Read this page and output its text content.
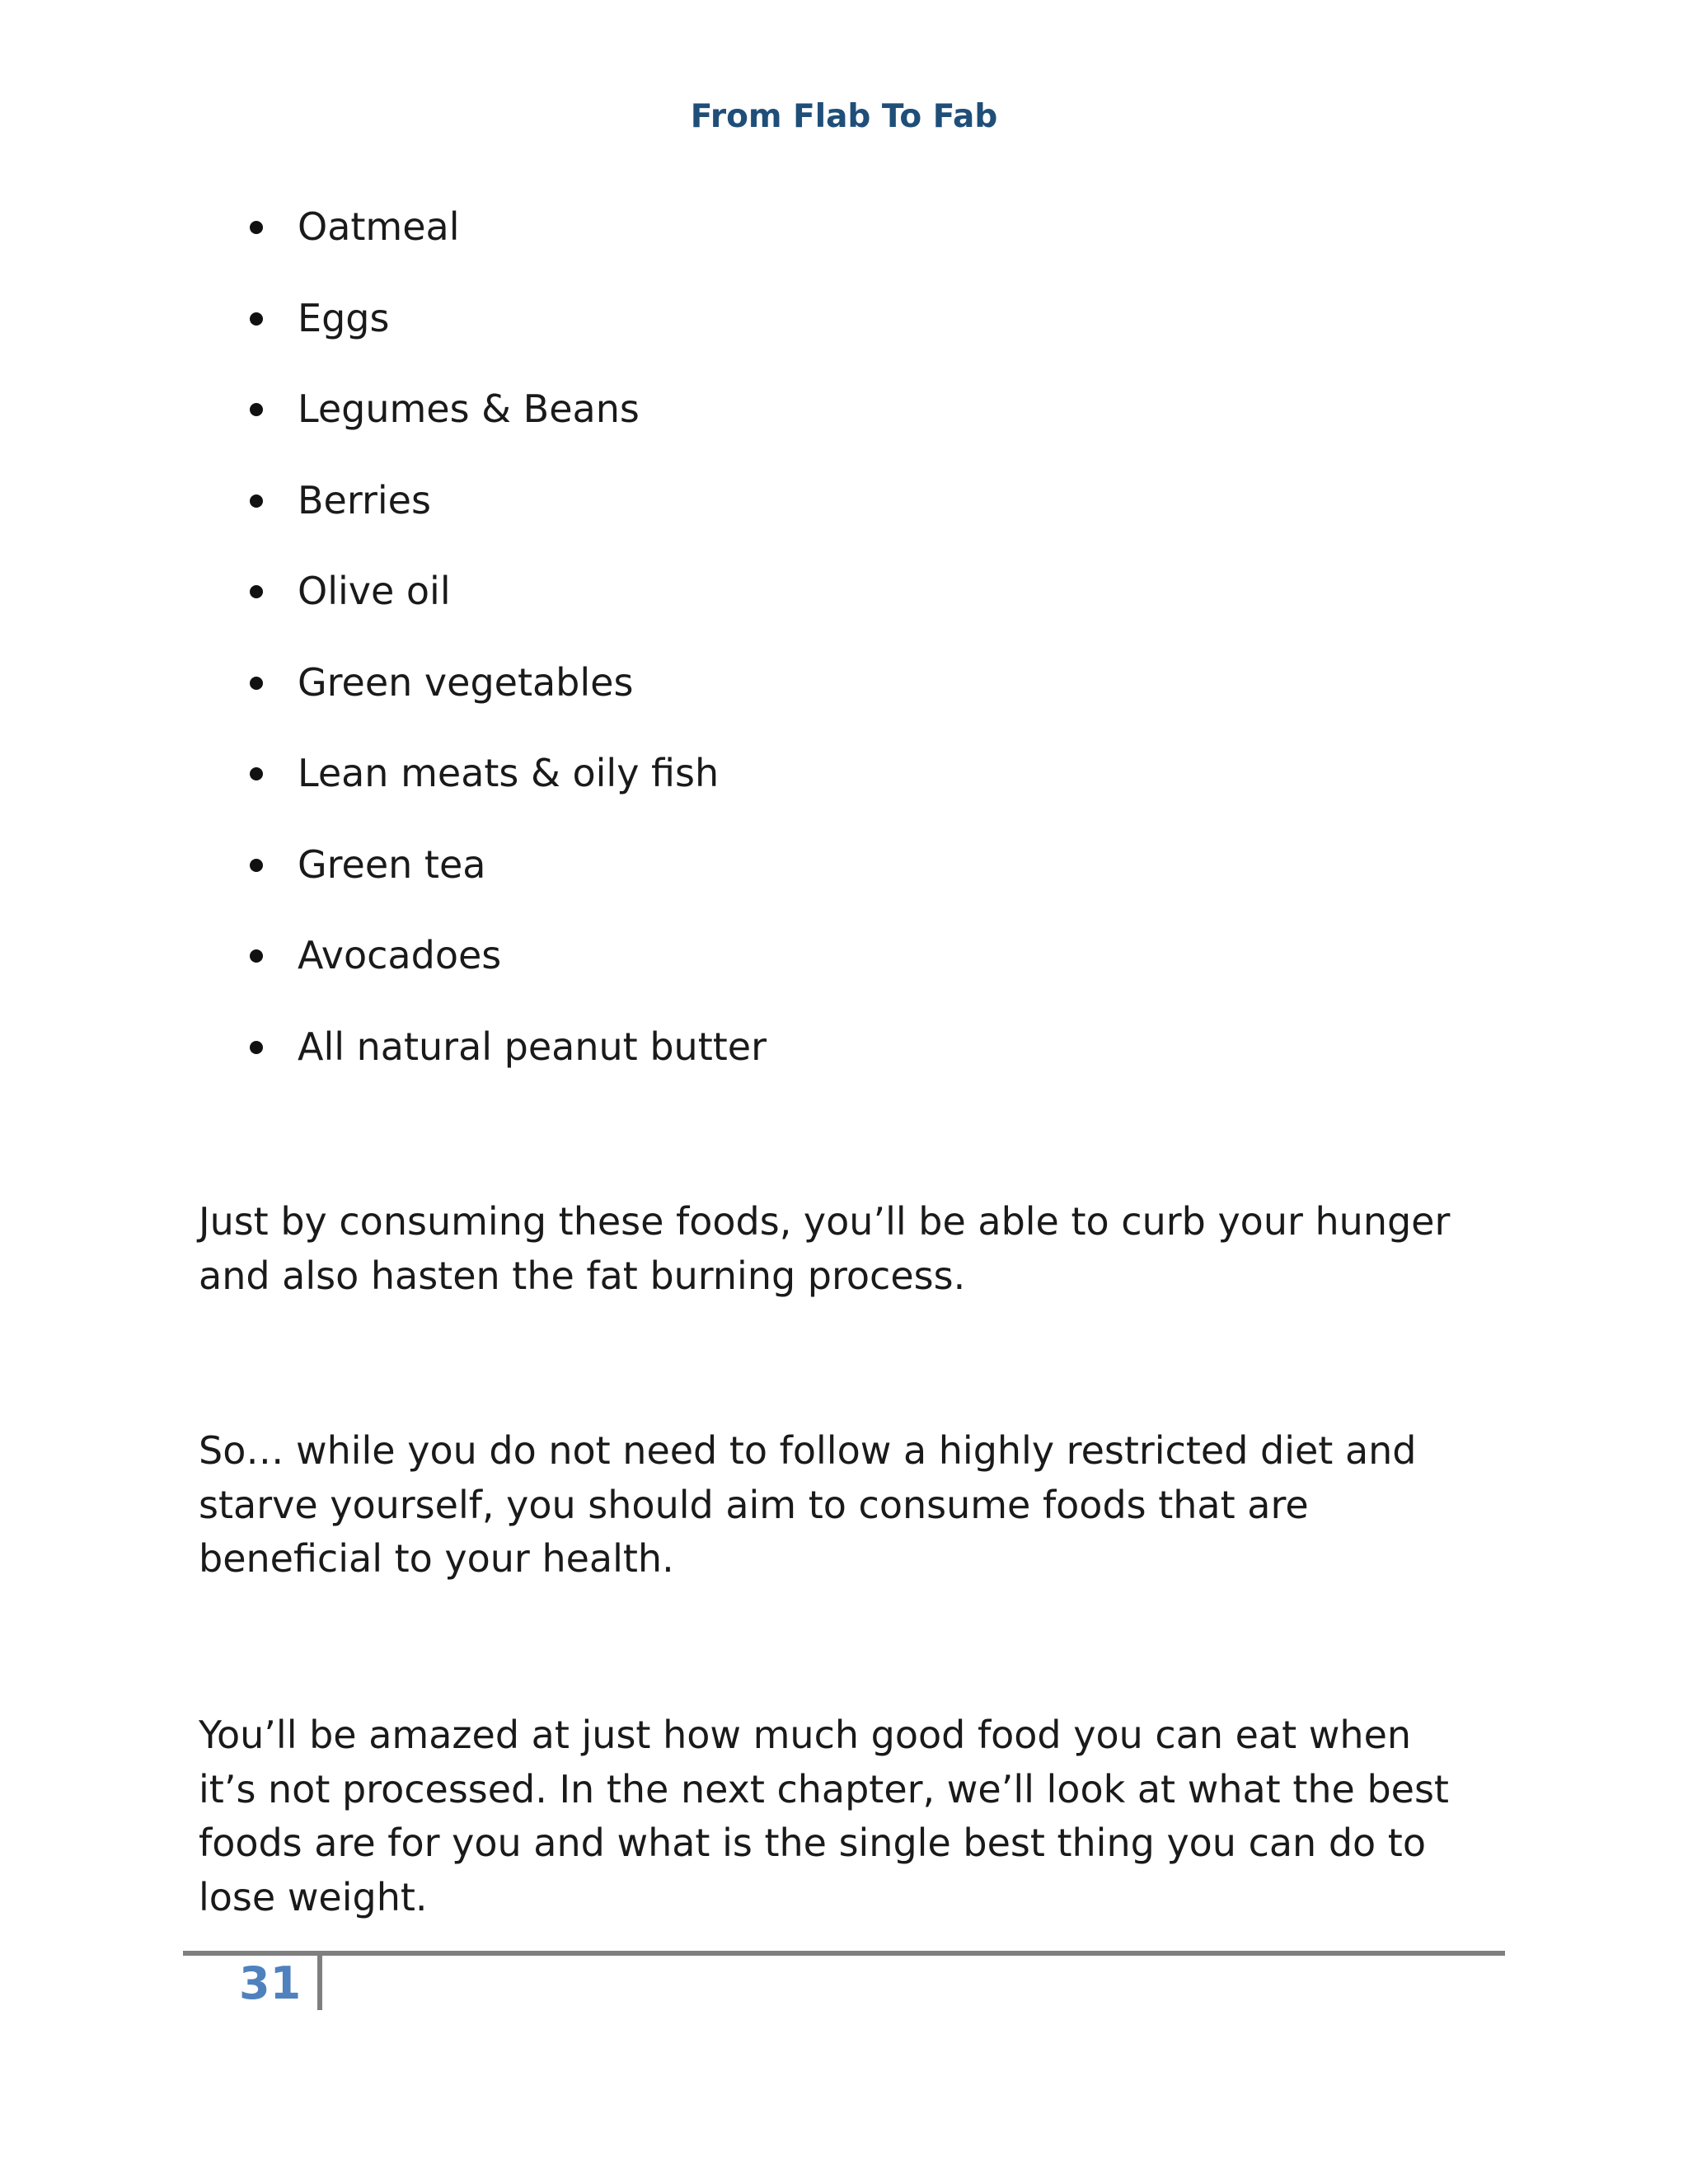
From Flab To Fab
Oatmeal
Eggs
Legumes & Beans
Berries
Olive oil
Green vegetables
Lean meats & oily fish
Green tea
Avocadoes
All natural peanut butter

Just by consuming these foods, you’ll be able to curb your hunger
and also hasten the fat burning process.

So… while you do not need to follow a highly restricted diet and
starve yourself, you should aim to consume foods that are
beneficial to your health.

You’ll be amazed at just how much good food you can eat when
it’s not processed. In the next chapter, we’ll look at what the best
foods are for you and what is the single best thing you can do to
lose weight.

31
